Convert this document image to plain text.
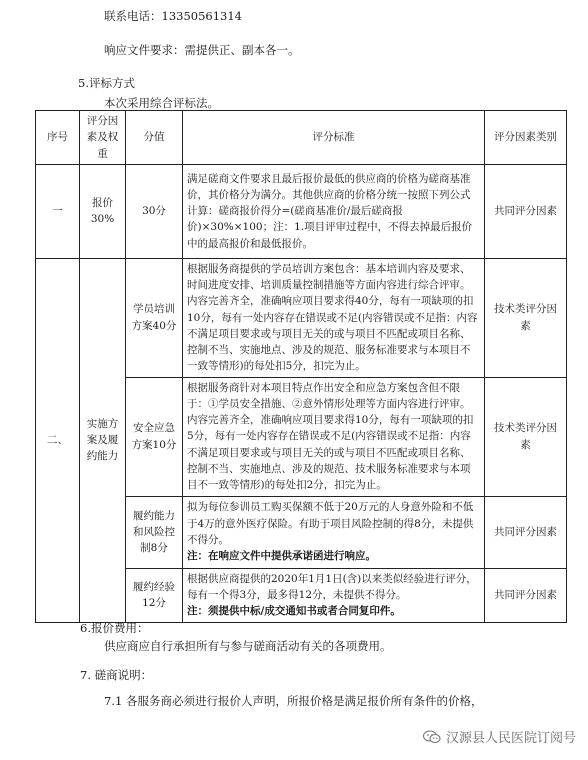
联系电话：13350561314
响应文件要求：需提供正、副本各一。
5.评标方式
本次采用综合评标法。
序号	评分因素及权重	分值	评分标准	评分因素类别
一	报价30%	30分	满足磋商文件要求且最后报价最低的供应商的价格为磋商基准价，其价格分为满分。其他供应商的价格分统一按照下列公式计算：磋商报价得分=(磋商基准价/最后磋商报价)×30%×100；注：1.项目评审过程中，不得去掉最后报价中的最高报价和最低报价。	共同评分因素
二、	实施方案及履约能力	学员培训方案40分	根据服务商提供的学员培训方案包含：基本培训内容及要求、时间进度安排、培训质量控制措施等方面内容进行综合评审。内容完善齐全，准确响应项目要求得40分，每有一项缺项的扣10分，每有一处内容存在错误或不足(内容错误或不足指：内容不满足项目要求或与项目无关的或与项目不匹配或项目名称、控制不当、实施地点、涉及的规范、服务标准要求与本项目不一致等情形)的每处扣5分，扣完为止。	技术类评分因素
		安全应急方案10分	根据服务商针对本项目特点作出安全和应急方案包含但不限于：①学员安全措施、②意外情形处理等方面内容进行评审。内容完善齐全，准确响应项目要求得10分，每有一项缺项的扣5分，每有一处内容存在错误或不足(内容错误或不足指：内容不满足项目要求或与项目无关的或与项目不匹配或项目名称、控制不当、实施地点、涉及的规范、技术服务标准要求与本项目不一致等情形)的每处扣2分，扣完为止。	技术类评分因素
		履约能力和风险控制8分	拟为每位参训员工购买保额不低于20万元的人身意外险和不低于4万的意外医疗保险。有助于项目风险控制的得8分，未提供不得分。
注：在响应文件中提供承诺函进行响应。	共同评分因素
		履约经验12分	根据供应商提供的2020年1月1日(含)以来类似经验进行评分，每有一个得3分，最多得12分，未提供不得分。
注：须提供中标/成交通知书或者合同复印件。	共同评分因素
6.报价费用：
供应商应自行承担所有与参与磋商活动有关的各项费用。
7. 磋商说明：
7.1 各服务商必须进行报价人声明，所报价格是满足报价所有条件的价格，
汉源县人民医院订阅号
